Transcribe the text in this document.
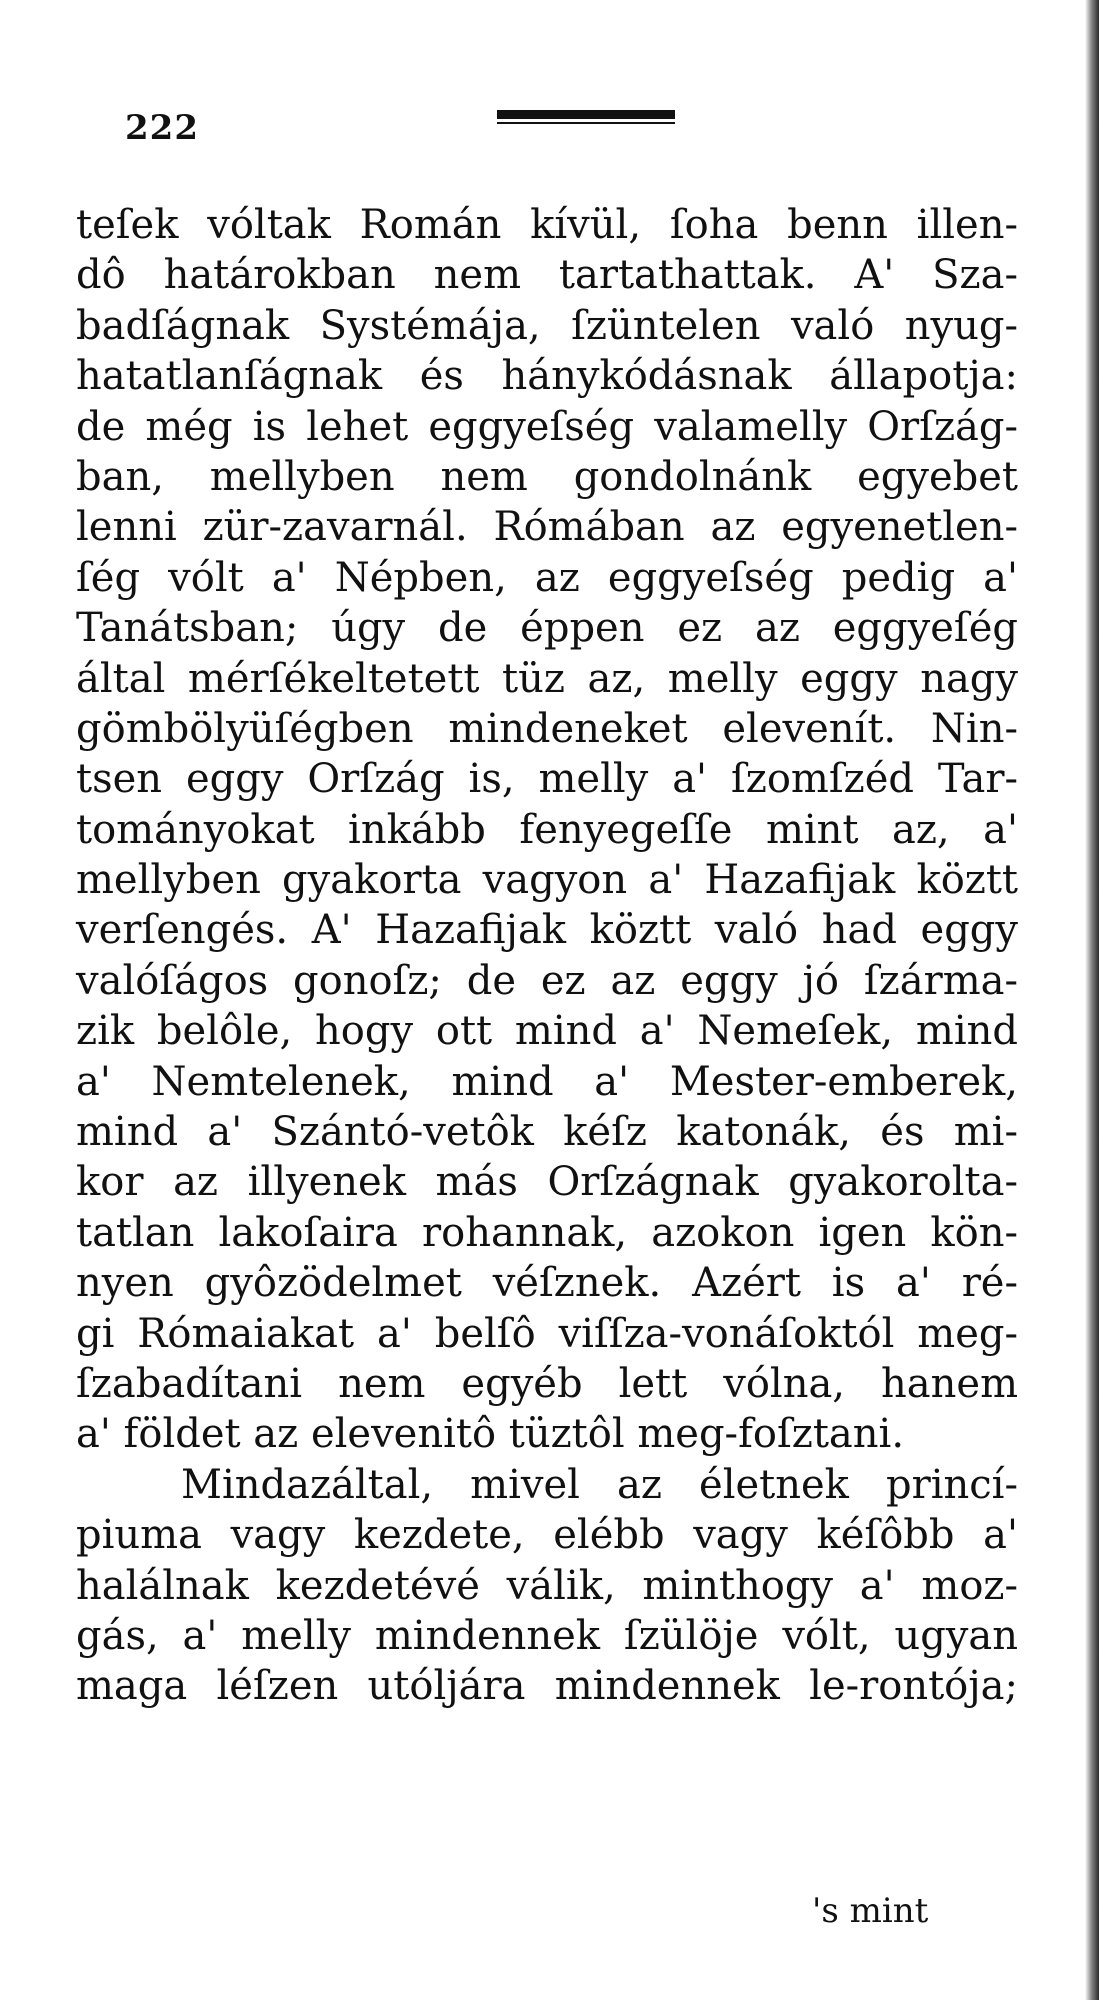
222
teſek vóltak Román kívül, ſoha benn illen-
dô határokban nem tartathattak. A' Sza-
badſágnak Systémája, ſzüntelen való nyug-
hatatlanſágnak és hánykódásnak állapotja:
de még is lehet eggyeſség valamelly Orſzág-
ban, mellyben nem gondolnánk egyebet
lenni zür-zavarnál. Rómában az egyenetlen-
ſég vólt a' Népben, az eggyeſség pedig a'
Tanátsban; úgy de éppen ez az eggyeſég
által mérſékeltetett tüz az, melly eggy nagy
gömbölyüſégben mindeneket elevenít. Nin-
tsen eggy Orſzág is, melly a' ſzomſzéd Tar-
tományokat inkább fenyegeſſe mint az, a'
mellyben gyakorta vagyon a' Hazafijak köztt
verſengés. A' Hazafijak köztt való had eggy
valóſágos gonoſz; de ez az eggy jó ſzárma-
zik belôle, hogy ott mind a' Nemeſek, mind
a' Nemtelenek, mind a' Mester-emberek,
mind a' Szántó-vetôk kéſz katonák, és mi-
kor az illyenek más Orſzágnak gyakorolta-
tatlan lakoſaira rohannak, azokon igen kön-
nyen gyôzödelmet véſznek. Azért is a' ré-
gi Rómaiakat a' belſô viſſza-vonáſoktól meg-
ſzabadítani nem egyéb lett vólna, hanem
a' földet az elevenitô tüztôl meg-foſztani.
Mindazáltal, mivel az életnek princí-
piuma vagy kezdete, elébb vagy kéſôbb a'
halálnak kezdetévé válik, minthogy a' moz-
gás, a' melly mindennek ſzülöje vólt, ugyan
maga léſzen utóljára mindennek le-rontója;
's mint
